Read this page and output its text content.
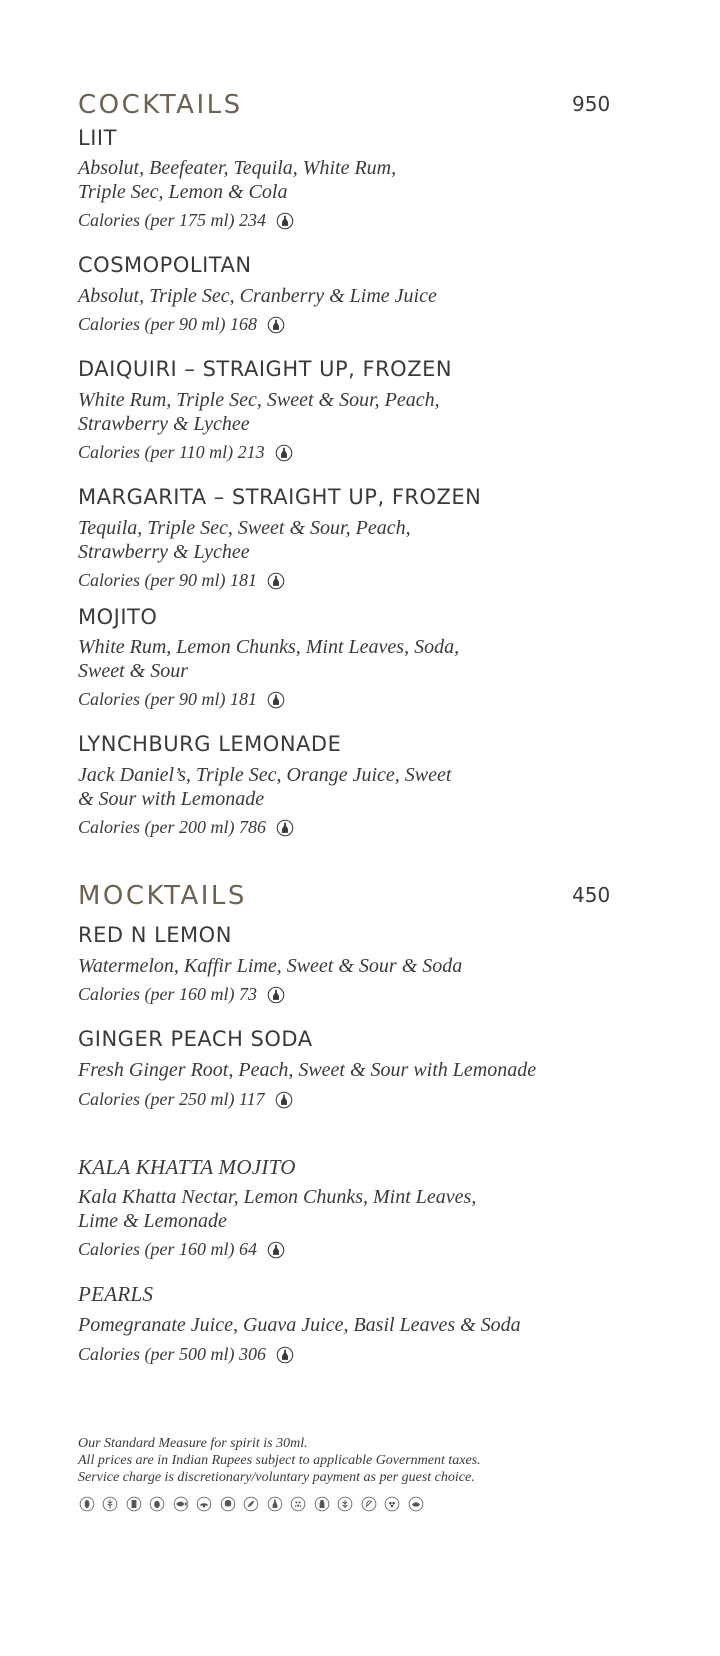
COCKTAILS	950
LIIT
Absolut, Beefeater, Tequila, White Rum,
Triple Sec, Lemon & Cola
Calories (per 175 ml) 234
COSMOPOLITAN
Absolut, Triple Sec, Cranberry & Lime Juice
Calories (per 90 ml) 168
DAIQUIRI – STRAIGHT UP, FROZEN
White Rum, Triple Sec, Sweet & Sour, Peach,
Strawberry & Lychee
Calories (per 110 ml) 213
MARGARITA – STRAIGHT UP, FROZEN
Tequila, Triple Sec, Sweet & Sour, Peach,
Strawberry & Lychee
Calories (per 90 ml) 181
MOJITO
White Rum, Lemon Chunks, Mint Leaves, Soda,
Sweet & Sour
Calories (per 90 ml) 181
LYNCHBURG LEMONADE
Jack Daniel’s, Triple Sec, Orange Juice, Sweet
& Sour with Lemonade
Calories (per 200 ml) 786
MOCKTAILS	450
RED N LEMON
Watermelon, Kaffir Lime, Sweet & Sour & Soda
Calories (per 160 ml) 73
GINGER PEACH SODA
Fresh Ginger Root, Peach, Sweet & Sour with Lemonade
Calories (per 250 ml) 117
KALA KHATTA MOJITO
Kala Khatta Nectar, Lemon Chunks, Mint Leaves,
Lime & Lemonade
Calories (per 160 ml) 64
PEARLS
Pomegranate Juice, Guava Juice, Basil Leaves & Soda
Calories (per 500 ml) 306
Our Standard Measure for spirit is 30ml.
All prices are in Indian Rupees subject to applicable Government taxes.
Service charge is discretionary/voluntary payment as per guest choice.
